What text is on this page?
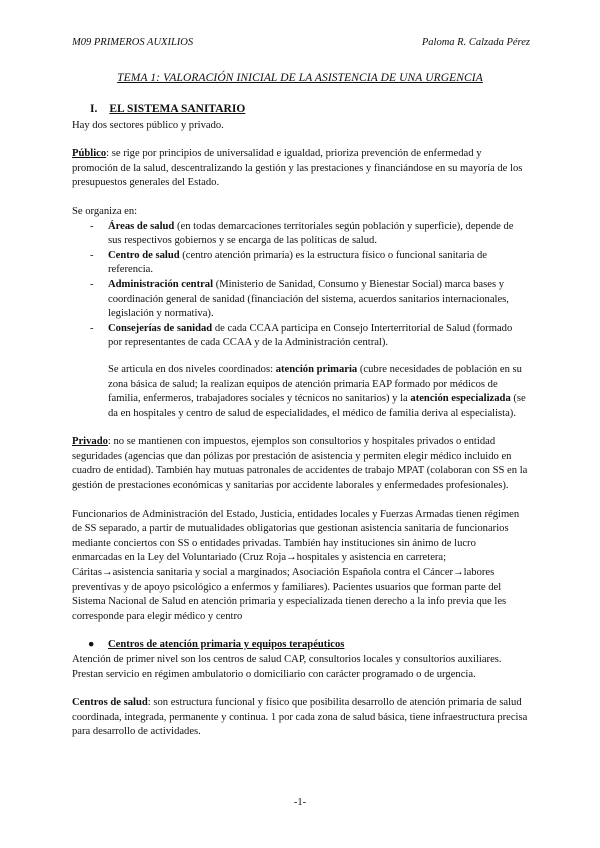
M09 PRIMEROS AUXILIOS	Paloma R. Calzada Pérez
TEMA 1: VALORACIÓN INICIAL DE LA ASISTENCIA DE UNA URGENCIA
I. EL SISTEMA SANITARIO

Hay dos sectores público y privado.

Público: se rige por principios de universalidad e igualdad, prioriza prevención de enfermedad y promoción de la salud, descentralizando la gestión y las prestaciones y financiándose en su mayoría de los presupuestos generales del Estado.

Se organiza en:

- Áreas de salud (en todas demarcaciones territoriales según población y superficie), depende de sus respectivos gobiernos y se encarga de las políticas de salud.
- Centro de salud (centro atención primaria) es la estructura físico o funcional sanitaria de referencia.
- Administración central (Ministerio de Sanidad, Consumo y Bienestar Social) marca bases y coordinación general de sanidad (financiación del sistema, acuerdos sanitarios internacionales, legislación y normativa).
- Consejerías de sanidad de cada CCAA participa en Consejo Interterritorial de Salud (formado por representantes de cada CCAA y de la Administración central).

Se articula en dos niveles coordinados: atención primaria (cubre necesidades de población en su zona básica de salud; la realizan equipos de atención primaria EAP formado por médicos de familia, enfermeros, trabajadores sociales y técnicos no sanitarios) y la atención especializada (se da en hospitales y centro de salud de especialidades, el médico de familia deriva al especialista).

Privado: no se mantienen con impuestos, ejemplos son consultorios y hospitales privados o entidad seguridades (agencias que dan pólizas por prestación de asistencia y permiten elegir médico incluido en cuadro de entidad). También hay mutuas patronales de accidentes de trabajo MPAT (colaboran con SS en la gestión de prestaciones económicas y sanitarias por accidente laborales y enfermedades profesionales).

Funcionarios de Administración del Estado, Justicia, entidades locales y Fuerzas Armadas tienen régimen de SS separado, a partir de mutualidades obligatorias que gestionan asistencia sanitaria de funcionarios mediante conciertos con SS o entidades privadas. También hay instituciones sin ánimo de lucro enmarcadas en la Ley del Voluntariado (Cruz Roja→hospitales y asistencia en carretera; Cáritas→asistencia sanitaria y social a marginados; Asociación Española contra el Cáncer→labores preventivas y de apoyo psicológico a enfermos y familiares). Pacientes usuarios que forman parte del Sistema Nacional de Salud en atención primaria y especializada tienen derecho a la info previa que les corresponde para elegir médico y centro

● Centros de atención primaria y equipos terapéuticos

Atención de primer nivel son los centros de salud CAP, consultorios locales y consultorios auxiliares. Prestan servicio en régimen ambulatorio o domiciliario con carácter programado o de urgencia.

Centros de salud: son estructura funcional y físico que posibilita desarrollo de atención primaria de salud coordinada, integrada, permanente y continua. 1 por cada zona de salud básica, tiene infraestructura precisa para desarrollo de actividades.

-1-
